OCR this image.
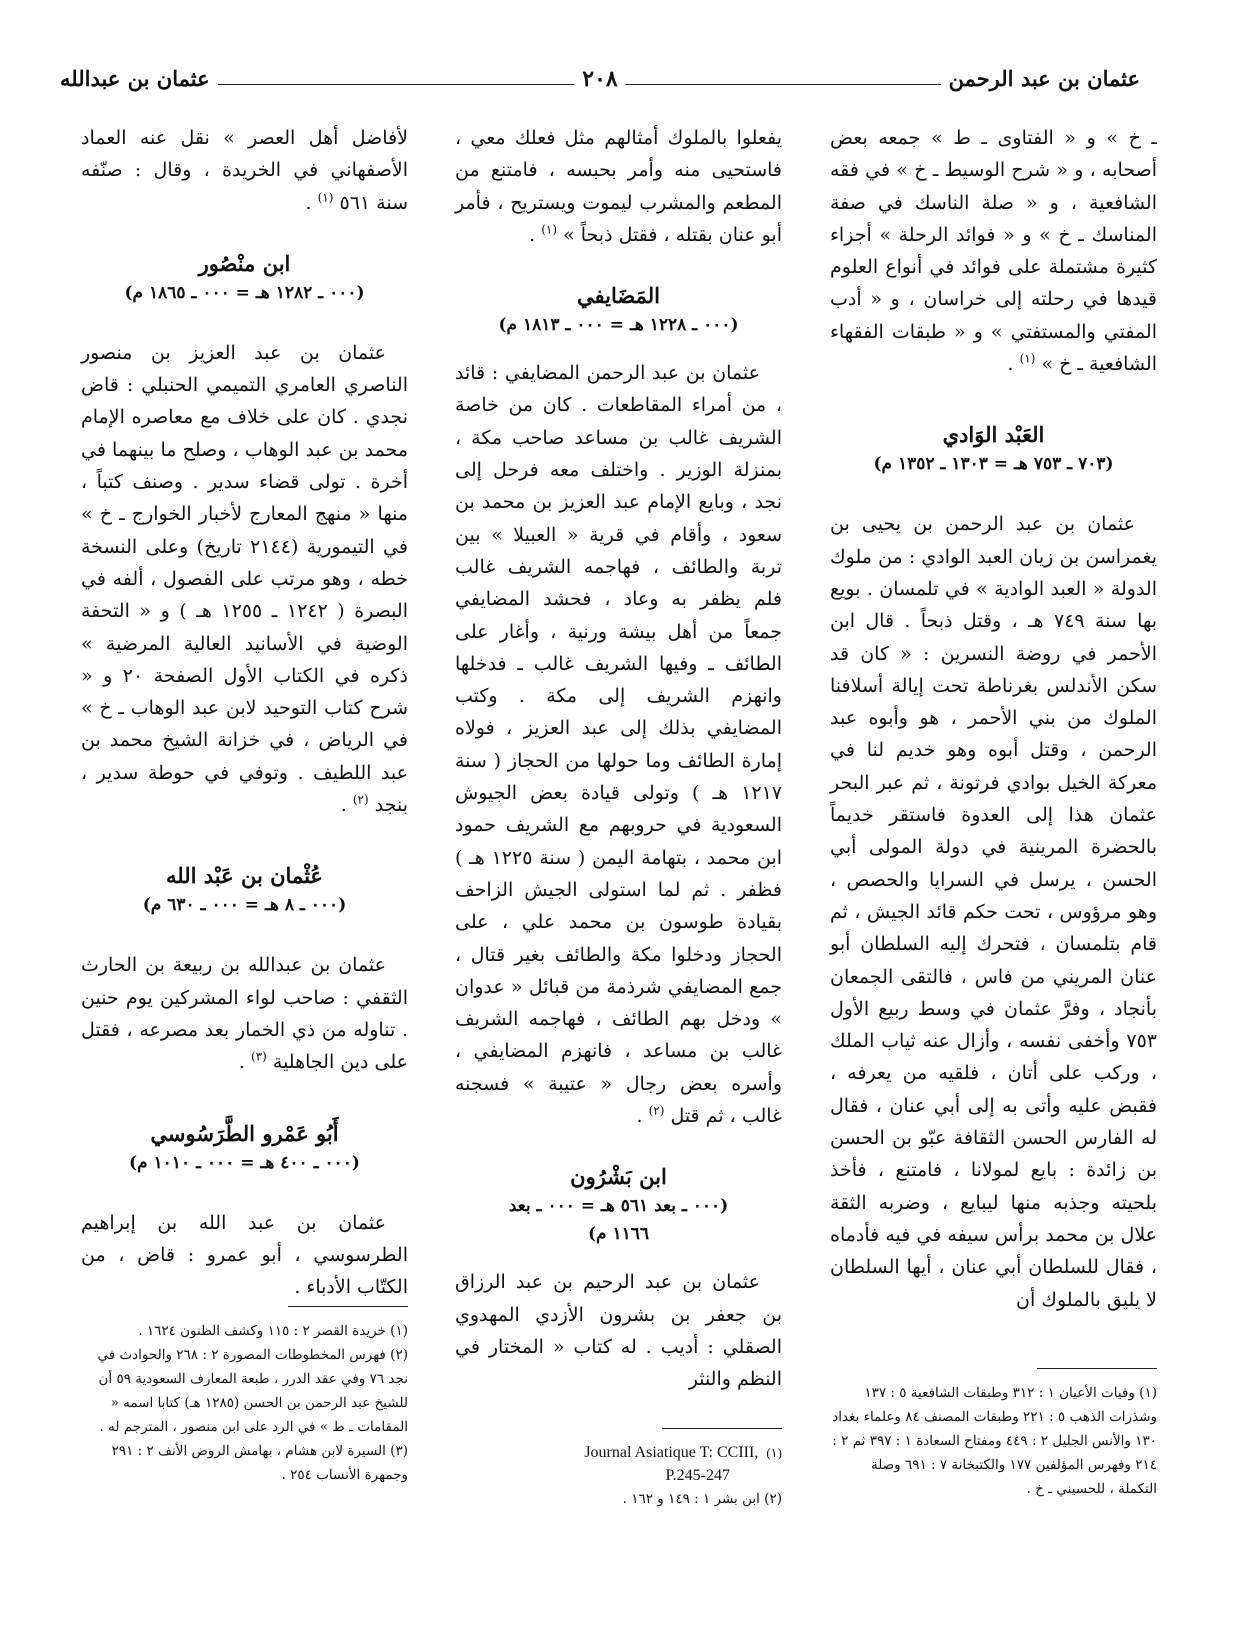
عثمان بن عبد الرحمن
٢٠٨
عثمان بن عبدالله

ـ خ » و « الفتاوى ـ ط » جمعه بعض أصحابه ، و « شرح الوسيط ـ خ » في فقه الشافعية ، و « صلة الناسك في صفة المناسك ـ خ » و « فوائد الرحلة » أجزاء كثيرة مشتملة على فوائد في أنواع العلوم قيدها في رحلته إلى خراسان ، و « أدب المفتي والمستفتي » و « طبقات الفقهاء الشافعية ـ خ » $^{(١)}$ .

العَبْد الوَادي

(٧٠٣ ـ ٧٥٣ هـ = ١٣٠٣ ـ ١٣٥٢ م)

عثمان بن عبد الرحمن بن يحيى بن يغمراسن بن زيان العبد الوادي : من ملوك الدولة « العبد الوادية » في تلمسان . بويع بها سنة ٧٤٩ هـ ، وقتل ذبحاً . قال ابن الأحمر في روضة النسرين : « كان قد سكن الأندلس بغرناطة تحت إيالة أسلافنا الملوك من بني الأحمر ، هو وأبوه عبد الرحمن ، وقتل أبوه وهو خديم لنا في معركة الخيل بوادي فرتونة ، ثم عبر البحر عثمان هذا إلى العدوة فاستقر خديماً بالحضرة المرينية في دولة المولى أبي الحسن ، يرسل في السرايا والحصص ، وهو مرؤوس ، تحت حكم قائد الجيش ، ثم قام بتلمسان ، فتحرك إليه السلطان أبو عنان المريني من فاس ، فالتقى الجمعان بأنجاد ، وفرَّ عثمان في وسط ربيع الأول ٧٥٣ وأخفى نفسه ، وأزال عنه ثياب الملك ، وركب على أتان ، فلقيه من يعرفه ، فقبض عليه وأتى به إلى أبي عنان ، فقال له الفارس الحسن الثقافة عبّو بن الحسن بن زائدة : بايع لمولانا ، فامتنع ، فأخذ بلحيته وجذبه منها ليبايع ، وضربه الثقة علال بن محمد برأس سيفه في فيه فأدماه ، فقال للسلطان أبي عنان ، أيها السلطان لا يليق بالملوك أن

يفعلوا بالملوك أمثالهم مثل فعلك معي ، فاستحيى منه وأمر بحبسه ، فامتنع من المطعم والمشرب ليموت ويستريح ، فأمر أبو عنان بقتله ، فقتل ذبحاً » $^{(١)}$ .

المَضَايفي

(٠٠٠ ـ ١٢٢٨ هـ = ٠٠٠ ـ ١٨١٣ م)

عثمان بن عبد الرحمن المضايفي : قائد ، من أمراء المقاطعات . كان من خاصة الشريف غالب بن مساعد صاحب مكة ، بمنزلة الوزير . واختلف معه فرحل إلى نجد ، وبايع الإمام عبد العزيز بن محمد بن سعود ، وأقام في قرية « العبيلا » بين تربة والطائف ، فهاجمه الشريف غالب فلم يظفر به وعاد ، فحشد المضايفي جمعاً من أهل بيشة ورنية ، وأغار على الطائف ـ وفيها الشريف غالب ـ فدخلها وانهزم الشريف إلى مكة . وكتب المضايفي بذلك إلى عبد العزيز ، فولاه إمارة الطائف وما حولها من الحجاز ( سنة ١٢١٧ هـ ) وتولى قيادة بعض الجيوش السعودية في حروبهم مع الشريف حمود ابن محمد ، بتهامة اليمن ( سنة ١٢٢٥ هـ ) فظفر . ثم لما استولى الجيش الزاحف بقيادة طوسون بن محمد علي ، على الحجاز ودخلوا مكة والطائف بغير قتال ، جمع المضايفي شرذمة من قبائل « عدوان » ودخل بهم الطائف ، فهاجمه الشريف غالب بن مساعد ، فانهزم المضايفي ، وأسره بعض رجال « عتيبة » فسجنه غالب ، ثم قتل $^{(٢)}$ .

ابن بَشْرُون

(٠٠٠ ـ بعد ٥٦١ هـ = ٠٠٠ ـ بعد

١١٦٦ م)

عثمان بن عبد الرحيم بن عبد الرزاق بن جعفر بن بشرون الأزدي المهدوي الصقلي : أديب . له كتاب « المختار في النظم والنثر

لأفاضل أهل العصر » نقل عنه العماد الأصفهاني في الخريدة ، وقال : صنّفه سنة ٥٦١ $^{(١)}$ .

ابن منْصُور

(٠٠٠ ـ ١٢٨٢ هـ = ٠٠٠ ـ ١٨٦٥ م)

عثمان بن عبد العزيز بن منصور الناصري العامري التميمي الحنبلي : قاض نجدي . كان على خلاف مع معاصره الإمام محمد بن عبد الوهاب ، وصلح ما بينهما في أخرة . تولى قضاء سدير . وصنف كتباً ، منها « منهج المعارج لأخبار الخوارج ـ خ » في التيمورية (٢١٤٤ تاريخ) وعلى النسخة خطه ، وهو مرتب على الفصول ، ألفه في البصرة ( ١٢٤٢ ـ ١٢٥٥ هـ ) و « التحفة الوضية في الأسانيد العالية المرضية » ذكره في الكتاب الأول الصفحة ٢٠ و « شرح كتاب التوحيد لابن عبد الوهاب ـ خ » في الرياض ، في خزانة الشيخ محمد بن عبد اللطيف . وتوفي في حوطة سدير ، بنجد $^{(٢)}$ .

عُثْمان بن عَبْد الله

(٠٠٠ ـ ٨ هـ = ٠٠٠ ـ ٦٣٠ م)

عثمان بن عبدالله بن ربيعة بن الحارث الثقفي : صاحب لواء المشركين يوم حنين . تناوله من ذي الخمار بعد مصرعه ، فقتل على دين الجاهلية $^{(٣)}$ .

أَبُو عَمْرو الطَّرَسُوسي

(٠٠٠ ـ ٤٠٠ هـ = ٠٠٠ ـ ١٠١٠ م)

عثمان بن عبد الله بن إبراهيم الطرسوسي ، أبو عمرو : قاض ، من الكتّاب الأدباء .

(١) وفيات الأعيان ١ : ٣١٢ وطبقات الشافعية ٥ : ١٣٧ وشذرات الذهب ٥ : ٢٢١ وطبقات المصنف ٨٤ وعلماء بغداد ١٣٠ والأنس الجليل ٢ : ٤٤٩ ومفتاح السعادة ١ : ٣٩٧ ثم ٢ : ٢١٤ وفهرس المؤلفين ١٧٧ والكتبخانة ٧ : ٦٩١ وصلة التكملة ، للحسيني ـ خ .

Journal Asiatique T: CCIII, (١)

P.245-247

(٢) ابن بشر ١ : ١٤٩ و ١٦٢ .

(١) خريدة القصر ٢ : ١١٥ وكشف الظنون ١٦٢٤ .

(٢) فهرس المخطوطات المصورة ٢ : ٢٦٨ والحوادث في نجد ٧٦ وفي عقد الدرر ، طبعة المعارف السعودية ٥٩ أن للشيخ عبد الرحمن بن الحسن (١٢٨٥ هـ) كتابا اسمه « المقامات ـ ط » في الرد على ابن منصور ، المترجم له .

(٣) السيرة لابن هشام ، بهامش الروض الأنف ٢ : ٢٩١ وجمهرة الأنساب ٢٥٤ .
